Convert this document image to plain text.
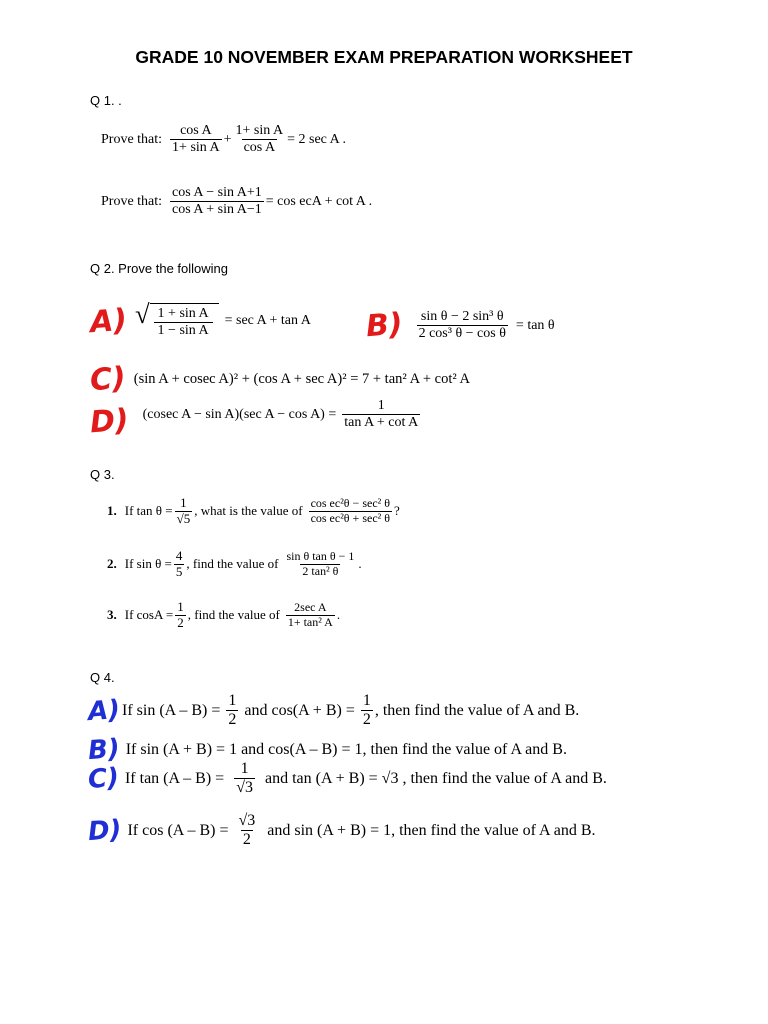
GRADE 10 NOVEMBER EXAM PREPARATION WORKSHEET
Q 1. .
Prove that: $\frac{\text{cos A}}{\text{1+ sin A}} + \frac{\text{1+ sin A}}{\text{cos A}} = 2$ sec A .
Prove that: $\frac{\text{cos A − sin A+1}}{\text{cos A + sin A−1}} = \cos$ ecA + cot A .
Q 2. Prove the following
A) √ $\frac{\text{1 + sin A}}{\text{1 − sin A}} = \sec A + \tan A$ $B) \frac{\text{sin θ − 2 sin³ θ}}{\text{2 cos³ θ − cos θ}} = \tan \theta$
C) (sin A + cosec A)² + (cos A + sec A)² = 7 + tan² A + cot² A
D) (cosec A − sin A)(sec $A - \cos A) = \frac{1}{\text{tan A + cot A}}$
Q 3.
1. If $\tan \theta = \frac{1}{√5}$ , what is the value of $\frac{\text{cos ec²θ − sec² θ}}{\text{cos ec²θ + sec² θ}}$ ?
2. If $\sin \theta = \frac{4}{5}$ , find the value of $\frac{\text{sin θ tan θ − 1}}{\text{2 tan² θ}}$ .
3. If $\cos A = \frac{1}{2}$ , find the value of $\frac{\text{2sec A}}{\text{1+ tan² A}}$ .
Q 4.
A) If $\sin (A - B) = \frac{1}{2}$ and $\cos(A + B) = \frac{1}{2}$ , then find the value of A and B.
B) If sin (A + B) = 1 and cos(A – B) = 1, then find the value of A and B.
C) If $\tan (A - B) = \frac{1}{√3}$ and tan (A + B) = √3 , then find the value of A and B.
D) If $\cos (A - B) = \frac{√3}{2}$ and sin (A + B) = 1, then find the value of A and B.
